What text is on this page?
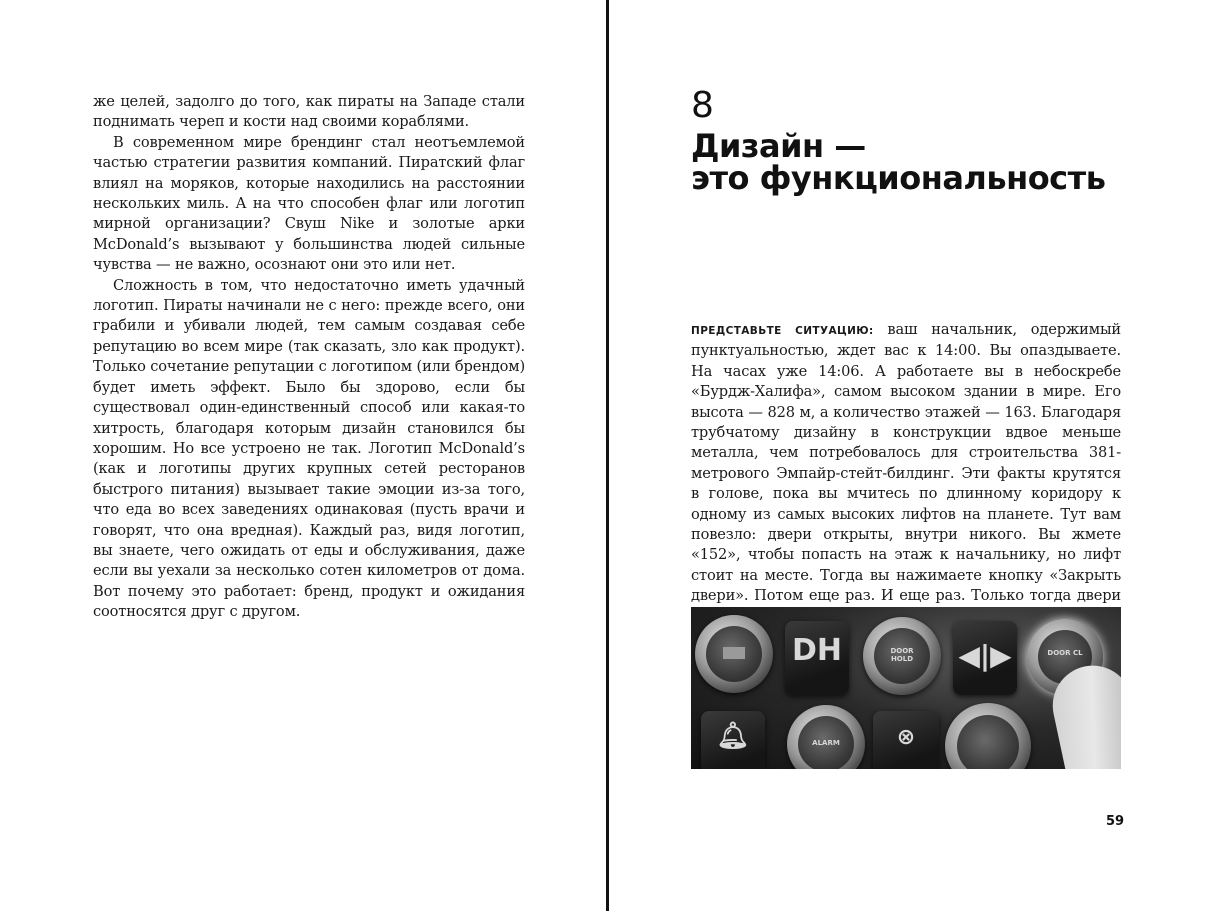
же целей, задолго до того, как пираты на Западе стали поднимать череп и кости над своими кораблями.

В современном мире брендинг стал неотъемлемой частью стратегии развития компаний. Пиратский флаг влиял на моряков, которые находились на расстоянии нескольких миль. А на что способен флаг или логотип мирной организации? Свуш Nike и золотые арки McDonald’s вызывают у большинства людей сильные чувства — не важно, осознают они это или нет.

Сложность в том, что недостаточно иметь удачный логотип. Пираты начинали не с него: прежде всего, они грабили и убивали людей, тем самым создавая себе репутацию во всем мире (так сказать, зло как продукт). Только сочетание репутации с логотипом (или брендом) будет иметь эффект. Было бы здорово, если бы существовал один-единственный способ или какая-то хитрость, благодаря которым дизайн становился бы хорошим. Но все устроено не так. Логотип McDonald’s (как и логотипы других крупных сетей ресторaнов быстрого питания) вызывает такие эмоции из-за того, что еда во всех заведениях одинаковая (пусть врачи и говорят, что она вредная). Каждый раз, видя логотип, вы знаете, чего ожидать от еды и обслуживания, даже если вы уехали за несколько сотен километров от дома. Вот почему это работает: бренд, продукт и ожидания соотносятся друг с другом.

8
Дизайн —
это функциональность

ПРЕДСТАВЬТЕ СИТУАЦИЮ: ваш начальник, одержимый пунктуальностью, ждет вас к 14:00. Вы опаздываете. На часах уже 14:06. А работаете вы в небоскребе «Бурдж-Халифа», самом высоком здании в мире. Его высота — 828 м, а количество этажей — 163. Благодаря трубчатому дизайну в конструкции вдвое меньше металла, чем потребовалось для строительства 381-метрового Эмпайр-стейт-билдинг. Эти факты крутятся в голове, пока вы мчитесь по длинному коридору к одному из самых высоких лифтов на планете. Тут вам повезло: двери открыты, внутри никого. Вы жмете «152», чтобы попасть на этаж к начальнику, но лифт стоит на месте. Тогда вы нажимаете кнопку «Закрыть двери». Потом еще раз. И еще раз. Только тогда двери

DH	DOOR HOLD ◀|▶	DOOR CL
🔔︎	ALARM	⊗
59
